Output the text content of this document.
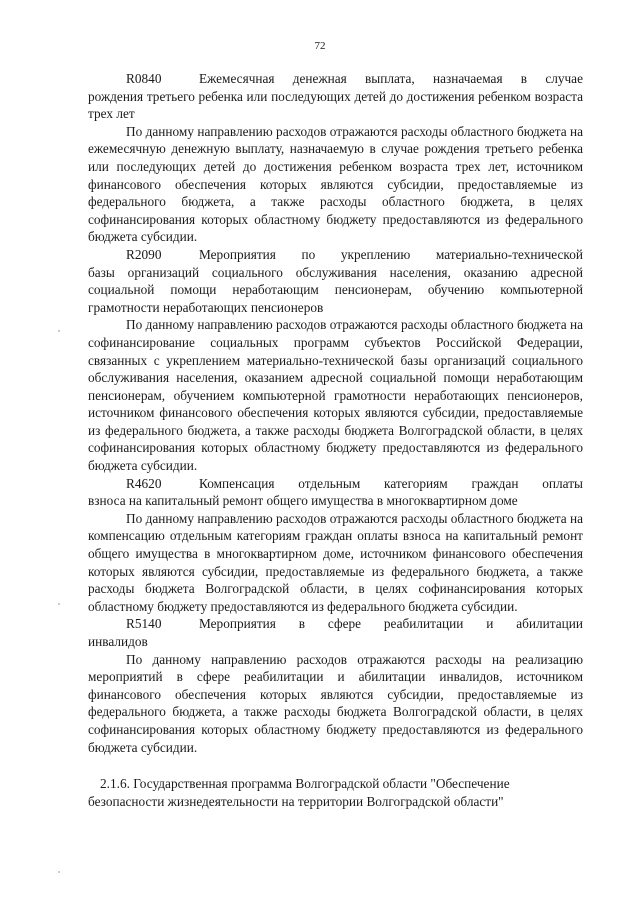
72

R0840	Ежемесячная денежная выплата, назначаемая в случае

рождения третьего ребенка или последующих детей до достижения ребенком возраста трех лет

По данному направлению расходов отражаются расходы областного бюджета на ежемесячную денежную выплату, назначаемую в случае рождения третьего ребенка или последующих детей до достижения ребенком возраста трех лет, источником финансового обеспечения которых являются субсидии, предоставляемые из федерального бюджета, а также расходы областного бюджета, в целях софинансирования которых областному бюджету предоставляются из федерального бюджета субсидии.

R2090	Мероприятия по укреплению материально-технической

базы организаций социального обслуживания населения, оказанию адресной социальной помощи неработающим пенсионерам, обучению компьютерной грамотности неработающих пенсионеров

По данному направлению расходов отражаются расходы областного бюджета на софинансирование социальных программ субъектов Российской Федерации, связанных с укреплением материально-технической базы организаций социального обслуживания населения, оказанием адресной социальной помощи неработающим пенсионерам, обучением компьютерной грамотности неработающих пенсионеров, источником финансового обеспечения которых являются субсидии, предоставляемые из федерального бюджета, а также расходы бюджета Волгоградской области, в целях софинансирования которых областному бюджету предоставляются из федерального бюджета субсидии.

R4620	Компенсация отдельным категориям граждан оплаты

взноса на капитальный ремонт общего имущества в многоквартирном доме

По данному направлению расходов отражаются расходы областного бюджета на компенсацию отдельным категориям граждан оплаты взноса на капитальный ремонт общего имущества в многоквартирном доме, источником финансового обеспечения которых являются субсидии, предоставляемые из федерального бюджета, а также расходы бюджета Волгоградской области, в целях софинансирования которых областному бюджету предоставляются из федерального бюджета субсидии.

R5140	Мероприятия в сфере реабилитации и абилитации

инвалидов

По данному направлению расходов отражаются расходы на реализацию мероприятий в сфере реабилитации и абилитации инвалидов, источником финансового обеспечения которых являются субсидии, предоставляемые из федерального бюджета, а также расходы бюджета Волгоградской области, в целях софинансирования которых областному бюджету предоставляются из федерального бюджета субсидии.

2.1.6. Государственная программа Волгоградской области "Обеспечение безопасности жизнедеятельности на территории Волгоградской области"
